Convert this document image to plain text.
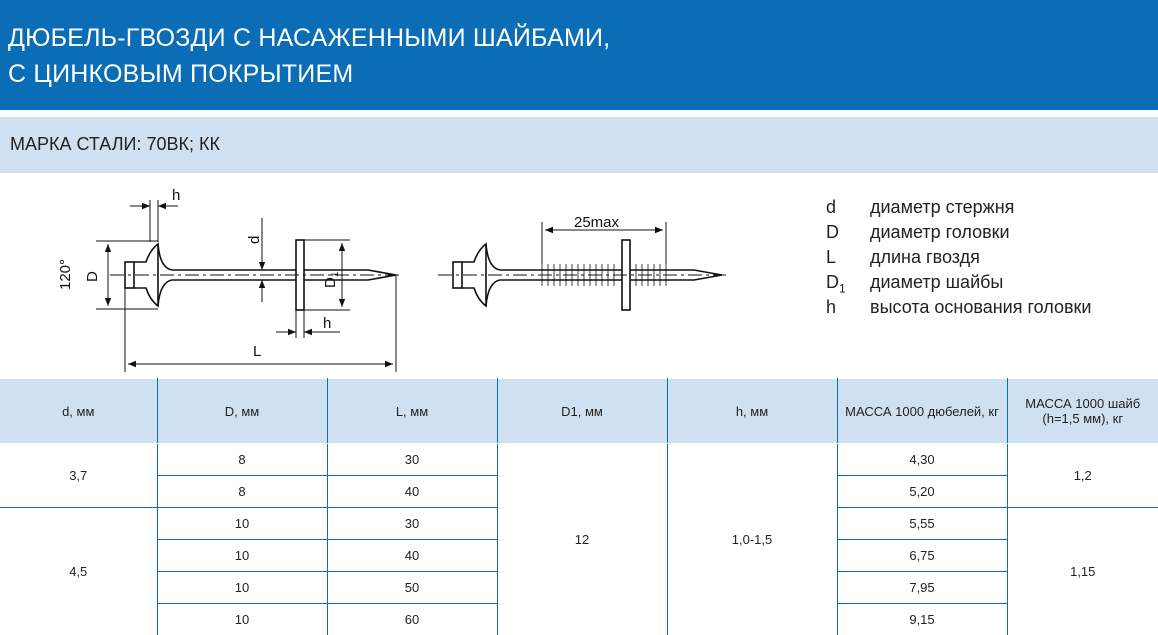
ДЮБЕЛЬ-ГВОЗДИ С НАСАЖЕННЫМИ ШАЙБАМИ,
С ЦИНКОВЫМ ПОКРЫТИЕМ
МАРКА СТАЛИ: 70ВК; КК
h
120° D
d
$D_1$
h
L
25max
d	диаметр стержня
D	диаметр головки
L	длина гвоздя
$D_1$	диаметр шайбы
h	высота основания головки
d, мм	D, мм	L, мм	D1, мм	h, мм	МАССА 1000 дюбелей, кг	МАССА 1000 шайб (h=1,5 мм), кг
3,7	8	30	12	1,0-1,5	4,30	1,2
	8	40			5,20	
4,5	10	30			5,55	1,15
	10	40			6,75	
	10	50			7,95	
	10	60			9,15	
